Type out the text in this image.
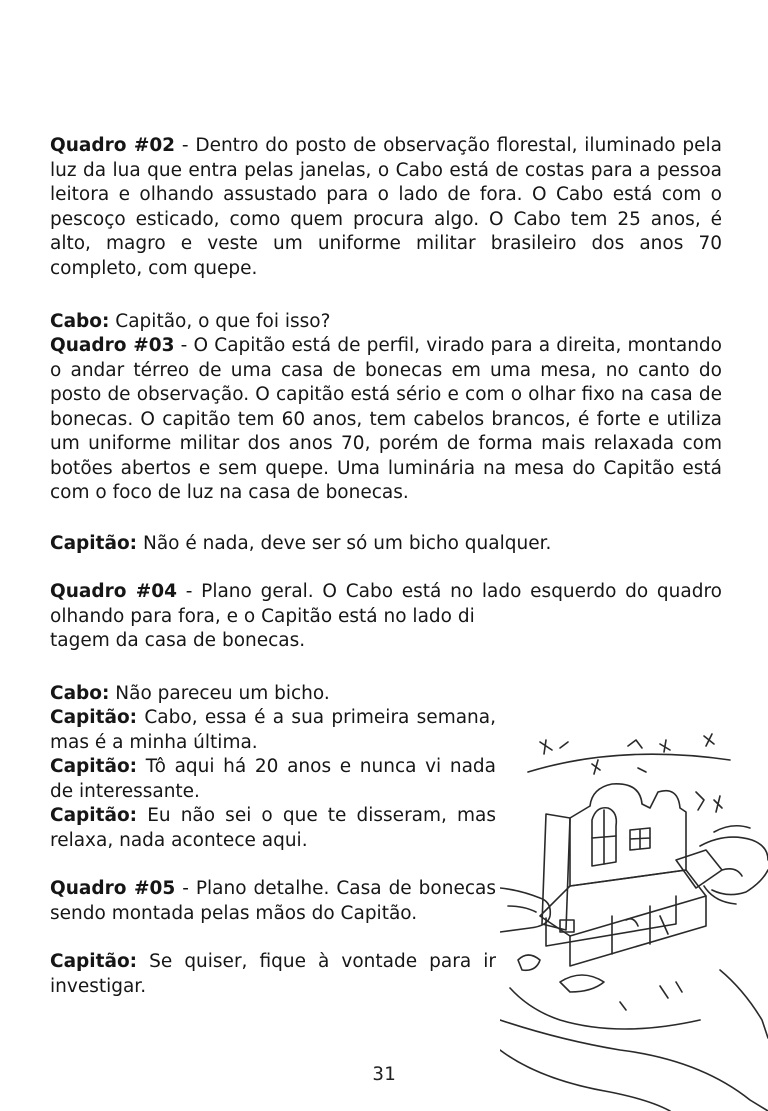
Quadro #02 - Dentro do posto de observação florestal, iluminado pela luz da lua que entra pelas janelas, o Cabo está de costas para a pessoa leitora e olhando assustado para o lado de fora. O Cabo está com o pescoço esticado, como quem procura algo. O Cabo tem 25 anos, é alto, magro e veste um uniforme militar brasileiro dos anos 70 completo, com quepe.

Cabo: Capitão, o que foi isso?

Quadro #03 - O Capitão está de perfil, virado para a direita, montando o andar térreo de uma casa de bonecas em uma mesa, no canto do posto de observação. O capitão está sério e com o olhar fixo na casa de bonecas. O capitão tem 60 anos, tem cabelos brancos, é forte e utiliza um uniforme militar dos anos 70, porém de forma mais relaxada com botões abertos e sem quepe. Uma luminária na mesa do Capitão está com o foco de luz na casa de bonecas.

Capitão: Não é nada, deve ser só um bicho qualquer.
Quadro #04 - Plano geral. O Cabo está no lado esquerdo do quadro
olhando para fora, e o Capitão está no lado di
tagem da casa de bonecas.
Cabo: Não pareceu um bicho.

Capitão: Cabo, essa é a sua primeira semana, mas é a minha última.

Capitão: Tô aqui há 20 anos e nunca vi nada de interessante.

Capitão: Eu não sei o que te disseram, mas relaxa, nada acontece aqui.

Quadro #05 - Plano detalhe. Casa de bonecas sendo montada pelas mãos do Capitão.

Capitão: Se quiser, fique à vontade para ir investigar.

31
